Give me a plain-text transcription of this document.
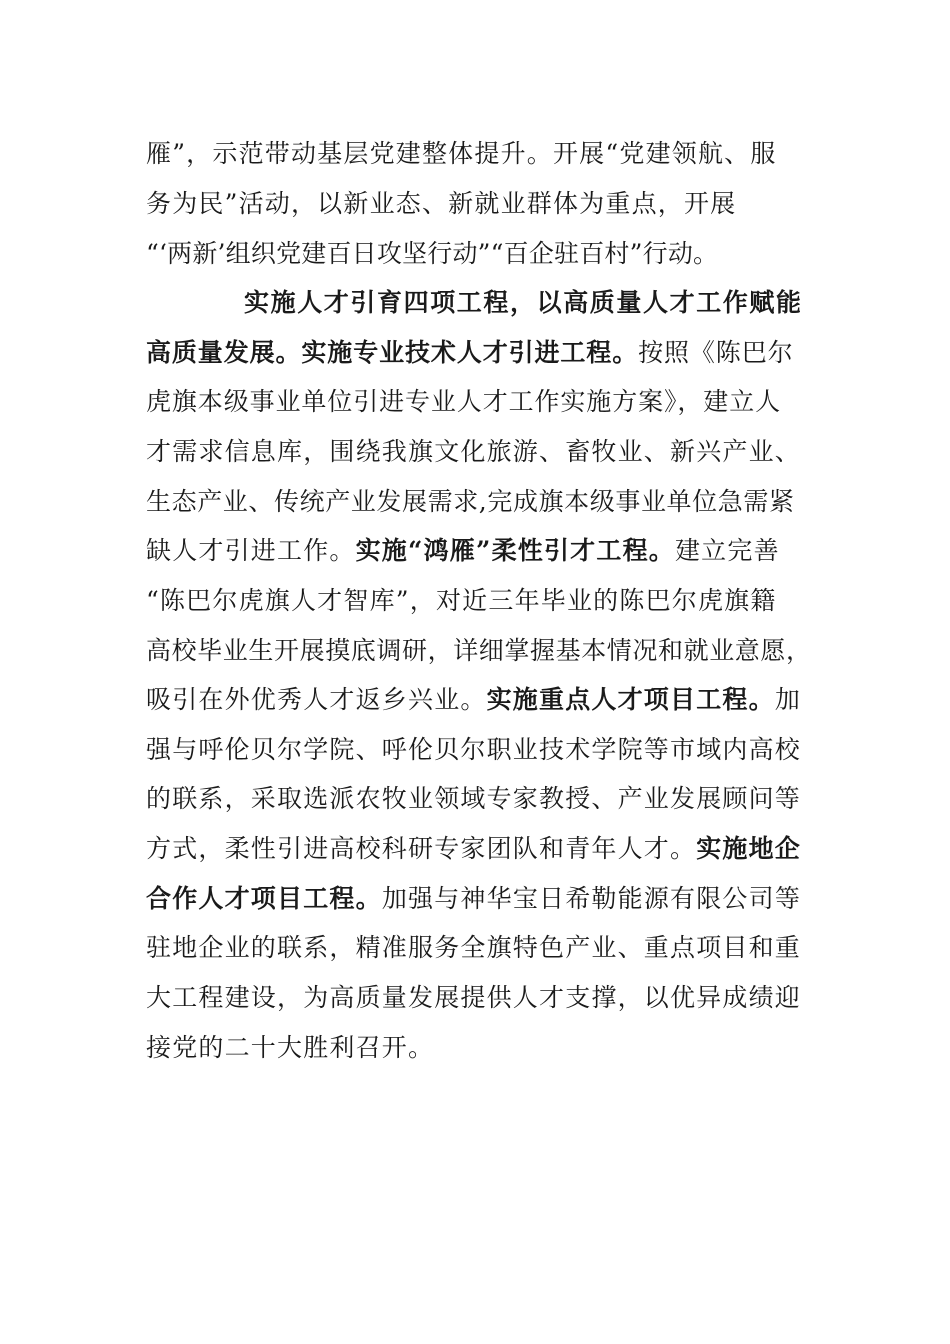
雁”，示范带动基层党建整体提升。开展“党建领航、服
务为民”活动，以新业态、新就业群体为重点，开展
“‘两新’组织党建百日攻坚行动”“百企驻百村”行动。
实施人才引育四项工程，以高质量人才工作赋能
高质量发展。实施专业技术人才引进工程。按照《陈巴尔
虎旗本级事业单位引进专业人才工作实施方案》，建立人
才需求信息库，围绕我旗文化旅游、畜牧业、新兴产业、
生态产业、传统产业发展需求,完成旗本级事业单位急需紧
缺人才引进工作。实施“鸿雁”柔性引才工程。建立完善
“陈巴尔虎旗人才智库”，对近三年毕业的陈巴尔虎旗籍
高校毕业生开展摸底调研，详细掌握基本情况和就业意愿，
吸引在外优秀人才返乡兴业。实施重点人才项目工程。加
强与呼伦贝尔学院、呼伦贝尔职业技术学院等市域内高校
的联系，采取选派农牧业领域专家教授、产业发展顾问等
方式，柔性引进高校科研专家团队和青年人才。实施地企
合作人才项目工程。加强与神华宝日希勒能源有限公司等
驻地企业的联系，精准服务全旗特色产业、重点项目和重
大工程建设，为高质量发展提供人才支撑，以优异成绩迎
接党的二十大胜利召开。
